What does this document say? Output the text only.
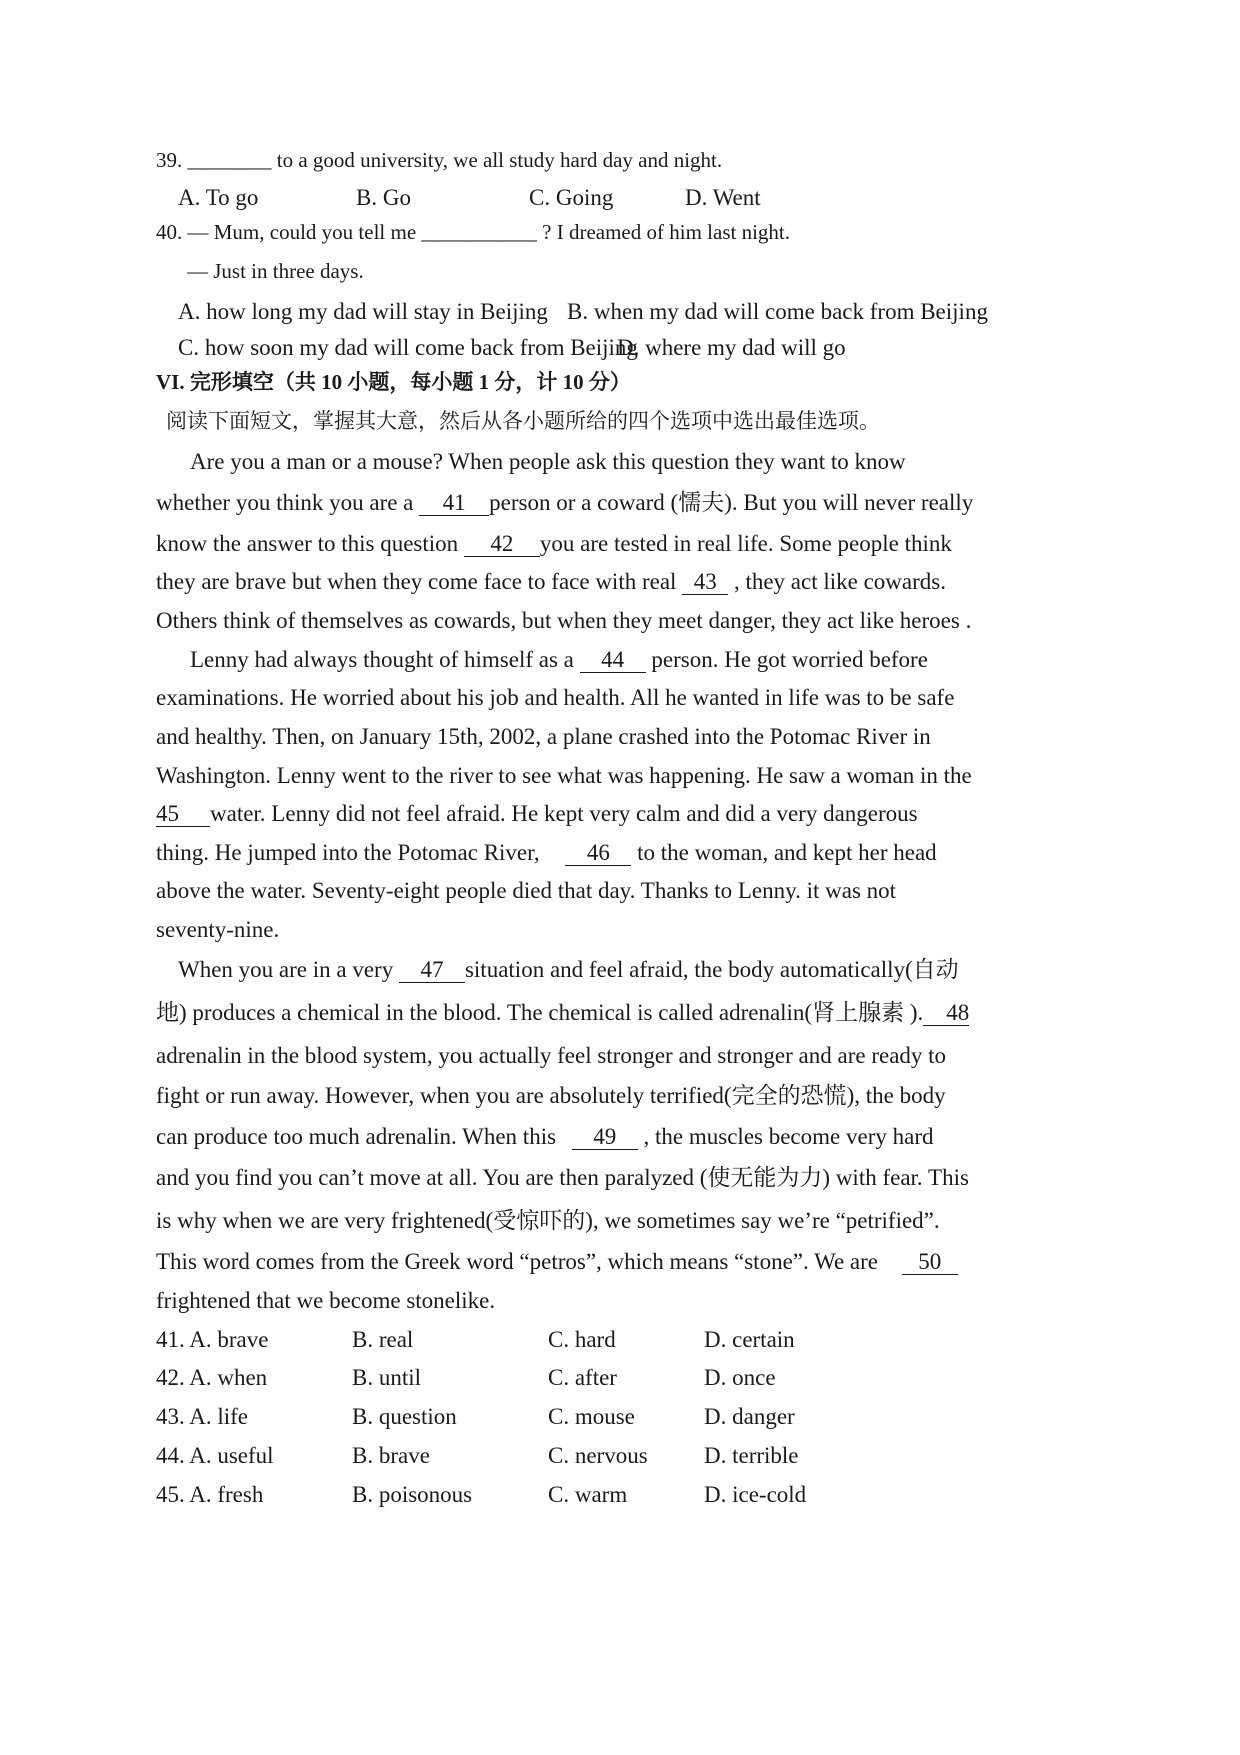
39. ________ to a good university, we all study hard day and night.
A. To go	B. Go	C. Going	D. Went
40. — Mum, could you tell me ___________ ? I dreamed of him last night.
— Just in three days.
A. how long my dad will stay in Beijing B. when my dad will come back from Beijing
C. how soon my dad will come back from Beijing
D. where my dad will go
VI. 完形填空（共 10 小题，每小题 1 分，计 10 分）
阅读下面短文，掌握其大意，然后从各小题所给的四个选项中选出最佳选项。
Are you a man or a mouse? When people ask this question they want to know
whether you think you are a 41 person or a coward (懦夫). But you will never really
know the answer to this question 42 you are tested in real life. Some people think
they are brave but when they come face to face with real 43 , they act like cowards.
Others think of themselves as cowards, but when they meet danger, they act like heroes .
Lenny had always thought of himself as a 44 person. He got worried before
examinations. He worried about his job and health. All he wanted in life was to be safe
and healthy. Then, on January 15th, 2002, a plane crashed into the Potomac River in
Washington. Lenny went to the river to see what was happening. He saw a woman in the
45 water. Lenny did not feel afraid. He kept very calm and did a very dangerous
thing. He jumped into the Potomac River, 46 to the woman, and kept her head
above the water. Seventy-eight people died that day. Thanks to Lenny. it was not
seventy-nine.
When you are in a very 47 situation and feel afraid, the body automatically(自动
地) produces a chemical in the blood. The chemical is called adrenalin(肾上腺素 ). 48
adrenalin in the blood system, you actually feel stronger and stronger and are ready to
fight or run away. However, when you are absolutely terrified(完全的恐慌), the body
can produce too much adrenalin. When this 49 , the muscles become very hard
and you find you can’t move at all. You are then paralyzed (使无能为力) with fear. This
is why when we are very frightened(受惊吓的), we sometimes say we’re “petrified”.
This word comes from the Greek word “petros”, which means “stone”. We are 50
frightened that we become stonelike.
41. A. brave	B. real	C. hard	D. certain
42. A. when	B. until	C. after	D. once
43. A. life	B. question	C. mouse	D. danger
44. A. useful	B. brave	C. nervous D. terrible
45. A. fresh	B. poisonous	C. warm	D. ice-cold
